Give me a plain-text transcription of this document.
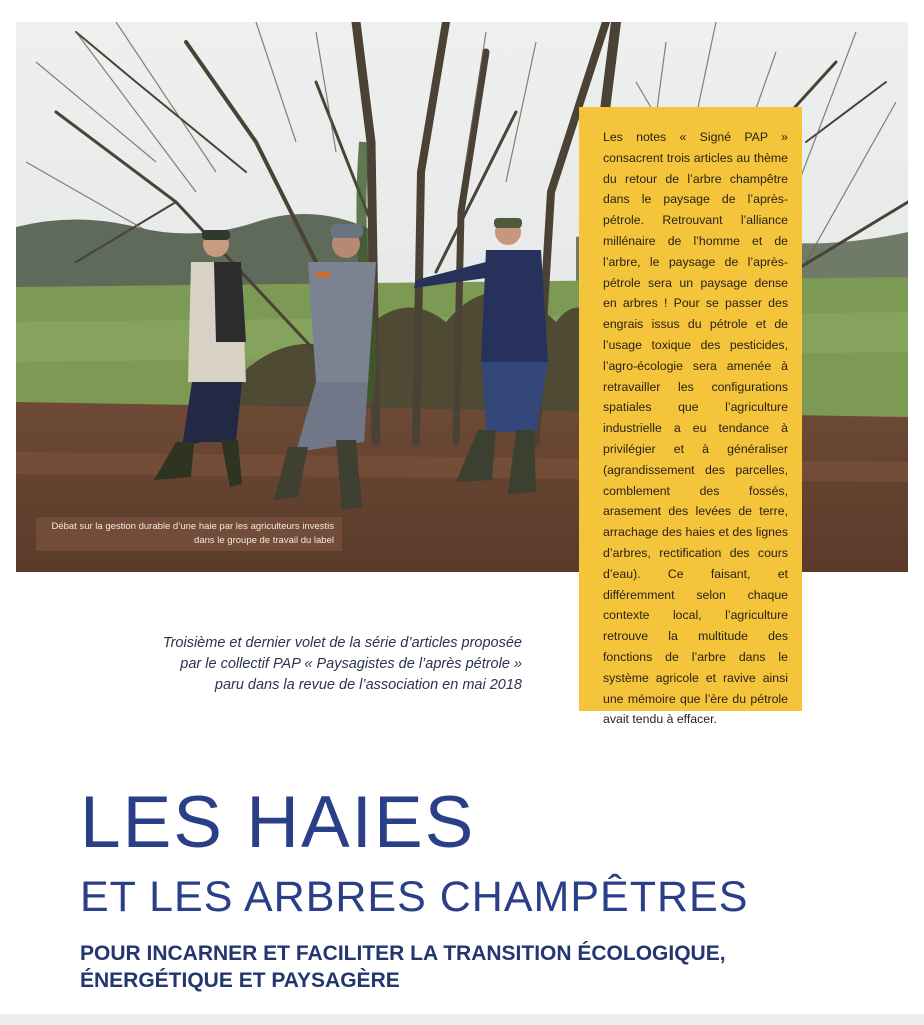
Débat sur la gestion durable d’une haie par les agriculteurs investis dans le groupe de travail du label
Les notes « Signé PAP » consacrent trois articles au thème du retour de l’arbre champêtre dans le paysage de l’après-pétrole. Retrouvant l’alliance millénaire de l’homme et de l’arbre, le paysage de l’après-pétrole sera un paysage dense en arbres ! Pour se passer des engrais issus du pétrole et de l’usage toxique des pesticides, l’agro-écologie sera amenée à retravailler les configurations spatiales que l’agriculture industrielle a eu tendance à privilégier et à généraliser (agrandissement des parcelles, comblement des fossés, arasement des levées de terre, arrachage des haies et des lignes d’arbres, rectification des cours d’eau). Ce faisant, et différemment selon chaque contexte local, l’agriculture retrouve la multitude des fonctions de l’arbre dans le système agricole et ravive ainsi une mémoire que l’ère du pétrole avait tendu à effacer.
Troisième et dernier volet de la série d’articles proposée par le collectif PAP « Paysagistes de l’après pétrole » paru dans la revue de l’association en mai 2018
LES HAIES
ET LES ARBRES CHAMPÊTRES
POUR INCARNER ET FACILITER LA TRANSITION ÉCOLOGIQUE, ÉNERGÉTIQUE ET PAYSAGÈRE
